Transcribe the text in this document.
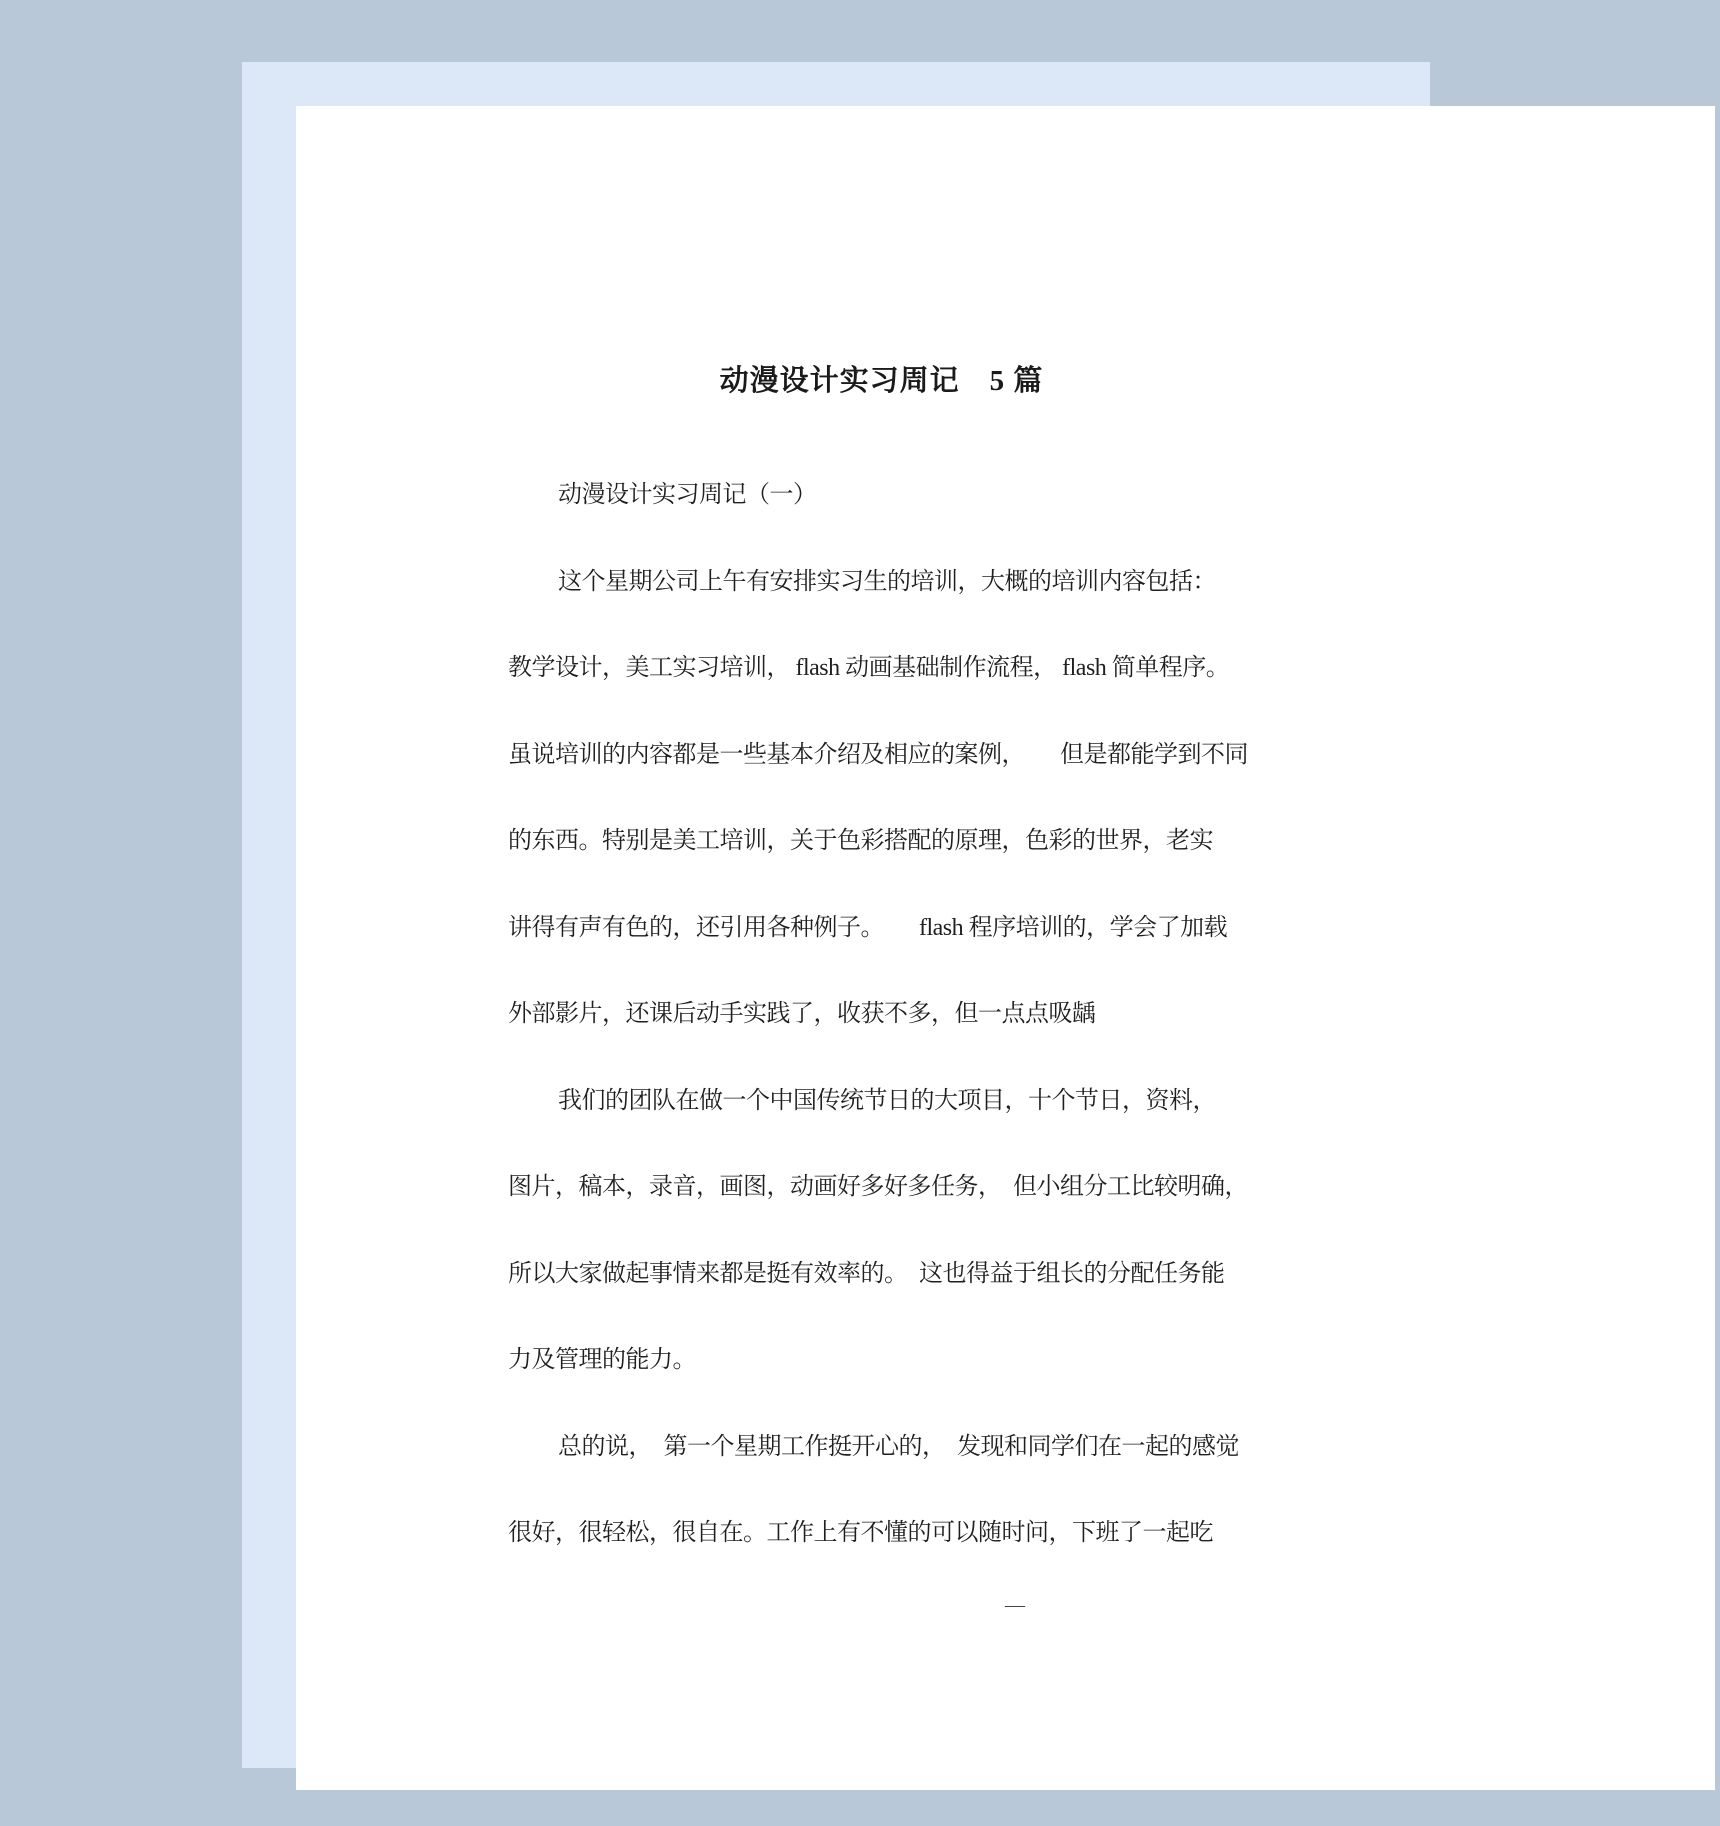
动漫设计实习周记　5 篇
动漫设计实习周记（一）
这个星期公司上午有安排实习生的培训，大概的培训内容包括：
教学设计，美工实习培训， flash 动画基础制作流程， flash 简单程序。
虽说培训的内容都是一些基本介绍及相应的案例，　　但是都能学到不同
的东西。特别是美工培训，关于色彩搭配的原理，色彩的世界，老实
讲得有声有色的，还引用各种例子。　　flash 程序培训的，学会了加载
外部影片，还课后动手实践了，收获不多，但一点点吸龋
我们的团队在做一个中国传统节日的大项目，十个节日，资料，
图片，稿本，录音，画图，动画好多好多任务，　但小组分工比较明确，
所以大家做起事情来都是挺有效率的。　这也得益于组长的分配任务能
力及管理的能力。
总的说，　第一个星期工作挺开心的，　发现和同学们在一起的感觉
很好，很轻松，很自在。工作上有不懂的可以随时问，下班了一起吃
—
